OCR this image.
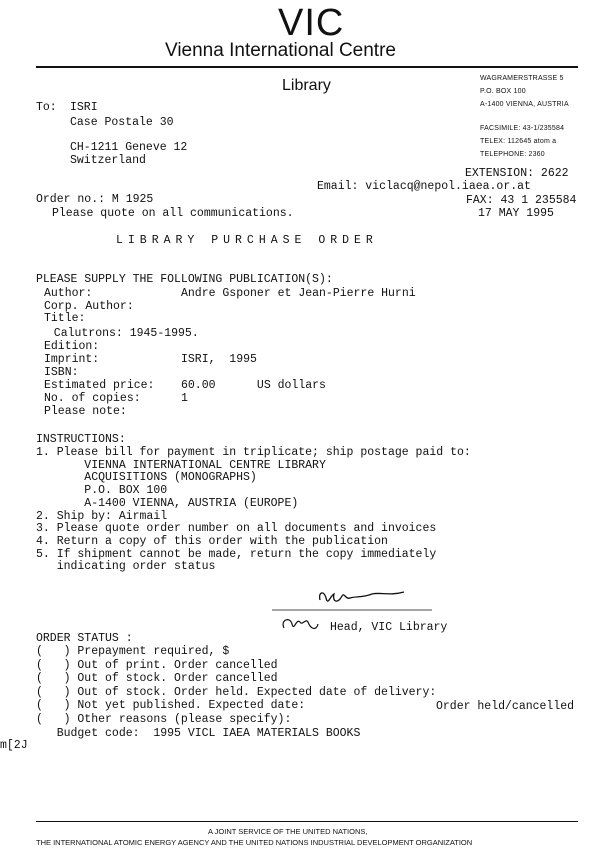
VIC
Vienna International Centre
Library	WAGRAMERSTRASSE 5
P.O. BOX 100
A-1400 VIENNA, AUSTRIA
FACSIMILE: 43-1/235584
TELEX: 112645 atom a
TELEPHONE: 2360
To: ISRI
Case Postale 30
CH-1211 Geneve 12
Switzerland
EXTENSION: 2622
Email: viclacq@nepol.iaea.or.at
FAX: 43 1 235584
17 MAY 1995
Order no.: M 1925
Please quote on all communications.
LIBRARY PURCHASE ORDER
PLEASE SUPPLY THE FOLLOWING PUBLICATION(S):
Author:	Andre Gsponer et Jean-Pierre Hurni
Corp. Author:
Title:
Calutrons: 1945-1995.
Edition:
Imprint:	ISRI,  1995
ISBN:
Estimated price: 60.00      US dollars
No. of copies:	1
Please note:
INSTRUCTIONS:
1. Please bill for payment in triplicate; ship postage paid to:
VIENNA INTERNATIONAL CENTRE LIBRARY
ACQUISITIONS (MONOGRAPHS)
P.O. BOX 100
A-1400 VIENNA, AUSTRIA (EUROPE)
2. Ship by: Airmail
3. Please quote order number on all documents and invoices
4. Return a copy of this order with the publication
5. If shipment cannot be made, return the copy immediately
indicating order status
Head, VIC Library
ORDER STATUS :
(   ) Prepayment required, $
(   ) Out of print. Order cancelled
(   ) Out of stock. Order cancelled
(   ) Out of stock. Order held. Expected date of delivery:
(   ) Not yet published. Expected date:
(   ) Other reasons (please specify):
Order held/cancelled
Budget code:  1995 VICL IAEA MATERIALS BOOKS
m[2J
A JOINT SERVICE OF THE UNITED NATIONS,
THE INTERNATIONAL ATOMIC ENERGY AGENCY AND THE UNITED NATIONS INDUSTRIAL DEVELOPMENT ORGANIZATION
